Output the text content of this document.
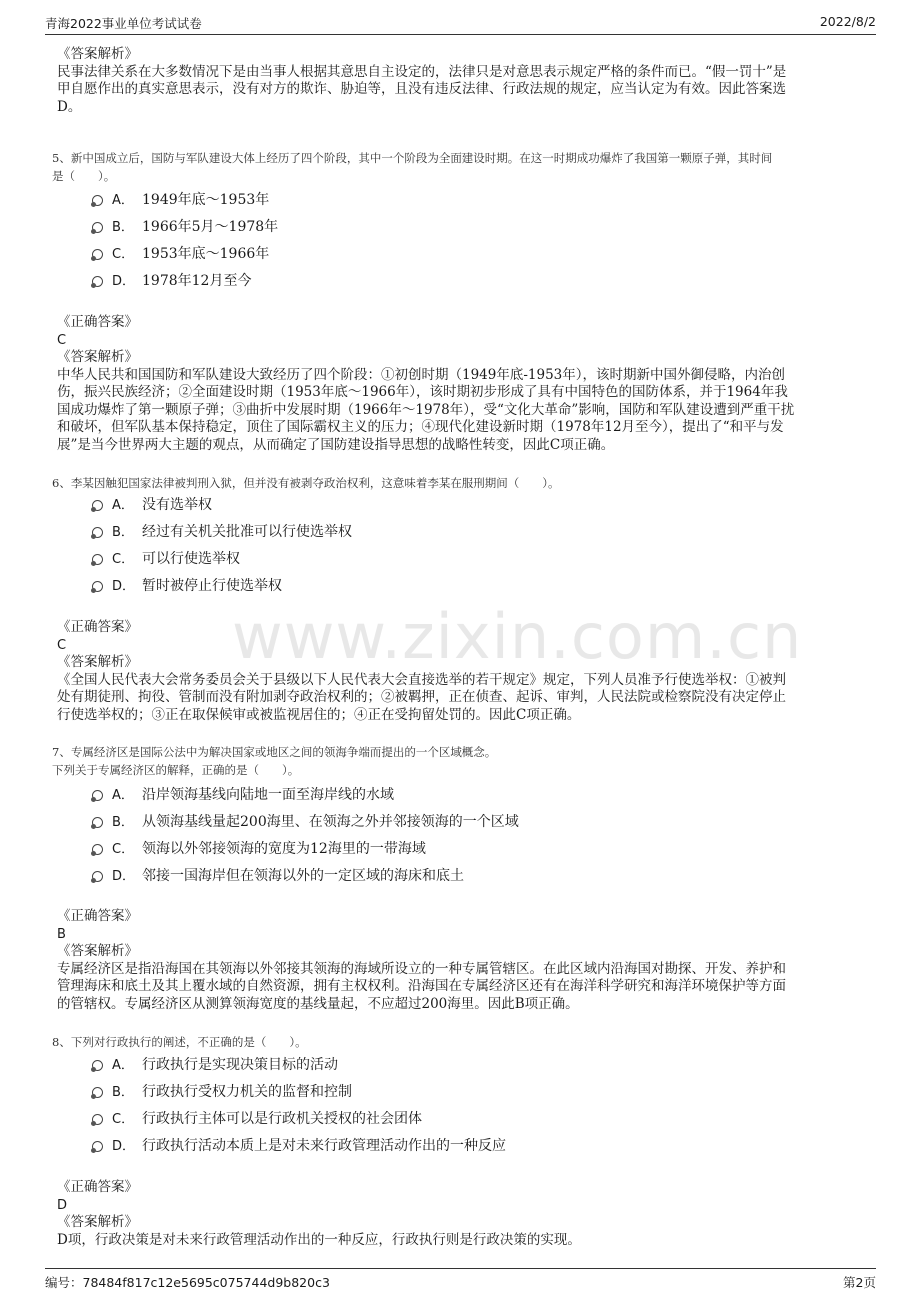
青海2022事业单位考试试卷	2022/8/2
www.zixin.com.cn
《答案解析》
民事法律关系在大多数情况下是由当事人根据其意思自主设定的，法律只是对意思表示规定严格的条件而已。“假一罚十”是
甲自愿作出的真实意思表示，没有对方的欺诈、胁迫等，且没有违反法律、行政法规的规定，应当认定为有效。因此答案选
D。
5、新中国成立后，国防与军队建设大体上经历了四个阶段，其中一个阶段为全面建设时期。在这一时期成功爆炸了我国第一颗原子弹，其时间
是（　　）。
A． 1949年底～1953年
B． 1966年5月～1978年
C． 1953年底～1966年
D． 1978年12月至今
《正确答案》
C
《答案解析》
中华人民共和国国防和军队建设大致经历了四个阶段：①初创时期（1949年底-1953年），该时期新中国外御侵略，内治创
伤，振兴民族经济；②全面建设时期（1953年底～1966年），该时期初步形成了具有中国特色的国防体系，并于1964年我
国成功爆炸了第一颗原子弹；③曲折中发展时期（1966年～1978年），受“文化大革命”影响，国防和军队建设遭到严重干扰
和破坏，但军队基本保持稳定，顶住了国际霸权主义的压力；④现代化建设新时期（1978年12月至今），提出了“和平与发
展”是当今世界两大主题的观点，从而确定了国防建设指导思想的战略性转变，因此C项正确。
6、李某因触犯国家法律被判刑入狱，但并没有被剥夺政治权利，这意味着李某在服刑期间（　　）。
A． 没有选举权
B． 经过有关机关批准可以行使选举权
C． 可以行使选举权
D． 暂时被停止行使选举权
《正确答案》
C
《答案解析》
《全国人民代表大会常务委员会关于县级以下人民代表大会直接选举的若干规定》规定，下列人员准予行使选举权：①被判
处有期徒刑、拘役、管制而没有附加剥夺政治权利的；②被羁押，正在侦查、起诉、审判，人民法院或检察院没有决定停止
行使选举权的；③正在取保候审或被监视居住的；④正在受拘留处罚的。因此C项正确。
7、专属经济区是国际公法中为解决国家或地区之间的领海争端而提出的一个区域概念。
下列关于专属经济区的解释，正确的是（　　）。
A． 沿岸领海基线向陆地一面至海岸线的水域
B． 从领海基线量起200海里、在领海之外并邻接领海的一个区域
C． 领海以外邻接领海的宽度为12海里的一带海域
D． 邻接一国海岸但在领海以外的一定区域的海床和底土
《正确答案》
B
《答案解析》
专属经济区是指沿海国在其领海以外邻接其领海的海域所设立的一种专属管辖区。在此区域内沿海国对勘探、开发、养护和
管理海床和底土及其上覆水域的自然资源，拥有主权权利。沿海国在专属经济区还有在海洋科学研究和海洋环境保护等方面
的管辖权。专属经济区从测算领海宽度的基线量起，不应超过200海里。因此B项正确。
8、下列对行政执行的阐述，不正确的是（　　）。
A． 行政执行是实现决策目标的活动
B． 行政执行受权力机关的监督和控制
C． 行政执行主体可以是行政机关授权的社会团体
D． 行政执行活动本质上是对未来行政管理活动作出的一种反应
《正确答案》
D
《答案解析》
D项，行政决策是对未来行政管理活动作出的一种反应，行政执行则是行政决策的实现。
编号：78484f817c12e5695c075744d9b820c3	第2页
